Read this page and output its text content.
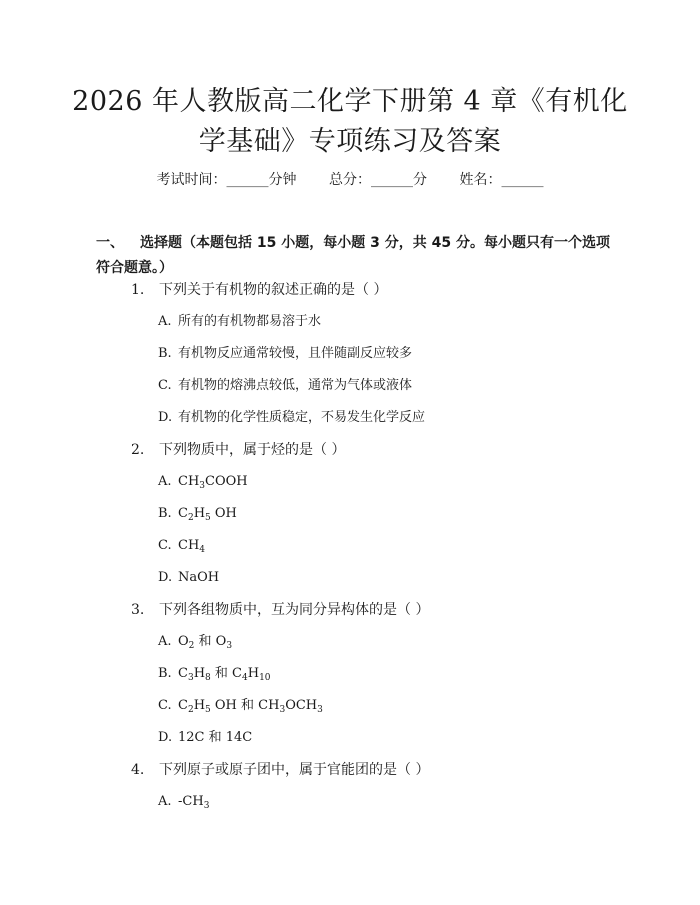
2026 年人教版高二化学下册第 4 章《有机化
学基础》专项练习及答案
考试时间：______分钟 总分：______分 姓名：______
一、 选择题（本题包括 15 小题，每小题 3 分，共 45 分。每小题只有一个选项符合题意。）
1. 下列关于有机物的叙述正确的是（ ）
A. 所有的有机物都易溶于水
B. 有机物反应通常较慢，且伴随副反应较多
C. 有机物的熔沸点较低，通常为气体或液体
D. 有机物的化学性质稳定，不易发生化学反应
2. 下列物质中，属于烃的是（ ）
A. $CH_3COOH$
B. $C_2H_5$ OH
C. $CH_4$
D. NaOH
3. 下列各组物质中，互为同分异构体的是（ ）
A. $O_2$ 和 $O_3$
B. $C_3H_8$ 和 $C_4H_{10}$
C. $C_2H_5$ OH 和 $CH_3OCH_3$
D. 12C 和 14C
4. 下列原子或原子团中，属于官能团的是（ ）
A. $-CH_3$
